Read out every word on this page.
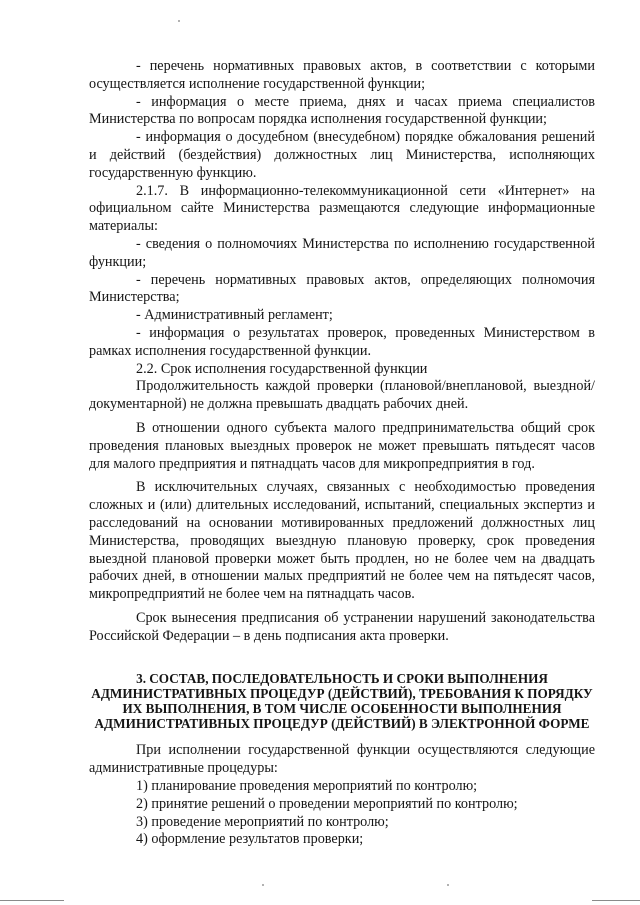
- перечень нормативных правовых актов, в соответствии с которыми осуществляется исполнение государственной функции;

- информация о месте приема, днях и часах приема специалистов Министерства по вопросам порядка исполнения государственной функции;

- информация о досудебном (внесудебном) порядке обжалования решений и действий (бездействия) должностных лиц Министерства, исполняющих государственную функцию.

2.1.7. В информационно-телекоммуникационной сети «Интернет» на официальном сайте Министерства размещаются следующие информационные материалы:

- сведения о полномочиях Министерства по исполнению государственной функции;

- перечень нормативных правовых актов, определяющих полномочия Министерства;

- Административный регламент;

- информация о результатах проверок, проведенных Министерством в рамках исполнения государственной функции.

2.2. Срок исполнения государственной функции

Продолжительность каждой проверки (плановой/внеплановой, выездной/документарной) не должна превышать двадцать рабочих дней.

В отношении одного субъекта малого предпринимательства общий срок проведения плановых выездных проверок не может превышать пятьдесят часов для малого предприятия и пятнадцать часов для микропредприятия в год.

В исключительных случаях, связанных с необходимостью проведения сложных и (или) длительных исследований, испытаний, специальных экспертиз и расследований на основании мотивированных предложений должностных лиц Министерства, проводящих выездную плановую проверку, срок проведения выездной плановой проверки может быть продлен, но не более чем на двадцать рабочих дней, в отношении малых предприятий не более чем на пятьдесят часов, микропредприятий не более чем на пятнадцать часов.

Срок вынесения предписания об устранении нарушений законодательства Российской Федерации – в день подписания акта проверки.

3. СОСТАВ, ПОСЛЕДОВАТЕЛЬНОСТЬ И СРОКИ ВЫПОЛНЕНИЯ
АДМИНИСТРАТИВНЫХ ПРОЦЕДУР (ДЕЙСТВИЙ), ТРЕБОВАНИЯ К ПОРЯДКУ
ИХ ВЫПОЛНЕНИЯ, В ТОМ ЧИСЛЕ ОСОБЕННОСТИ ВЫПОЛНЕНИЯ
АДМИНИСТРАТИВНЫХ ПРОЦЕДУР (ДЕЙСТВИЙ) В ЭЛЕКТРОННОЙ ФОРМЕ

При исполнении государственной функции осуществляются следующие административные процедуры:

1) планирование проведения мероприятий по контролю;

2) принятие решений о проведении мероприятий по контролю;

3) проведение мероприятий по контролю;

4) оформление результатов проверки;
